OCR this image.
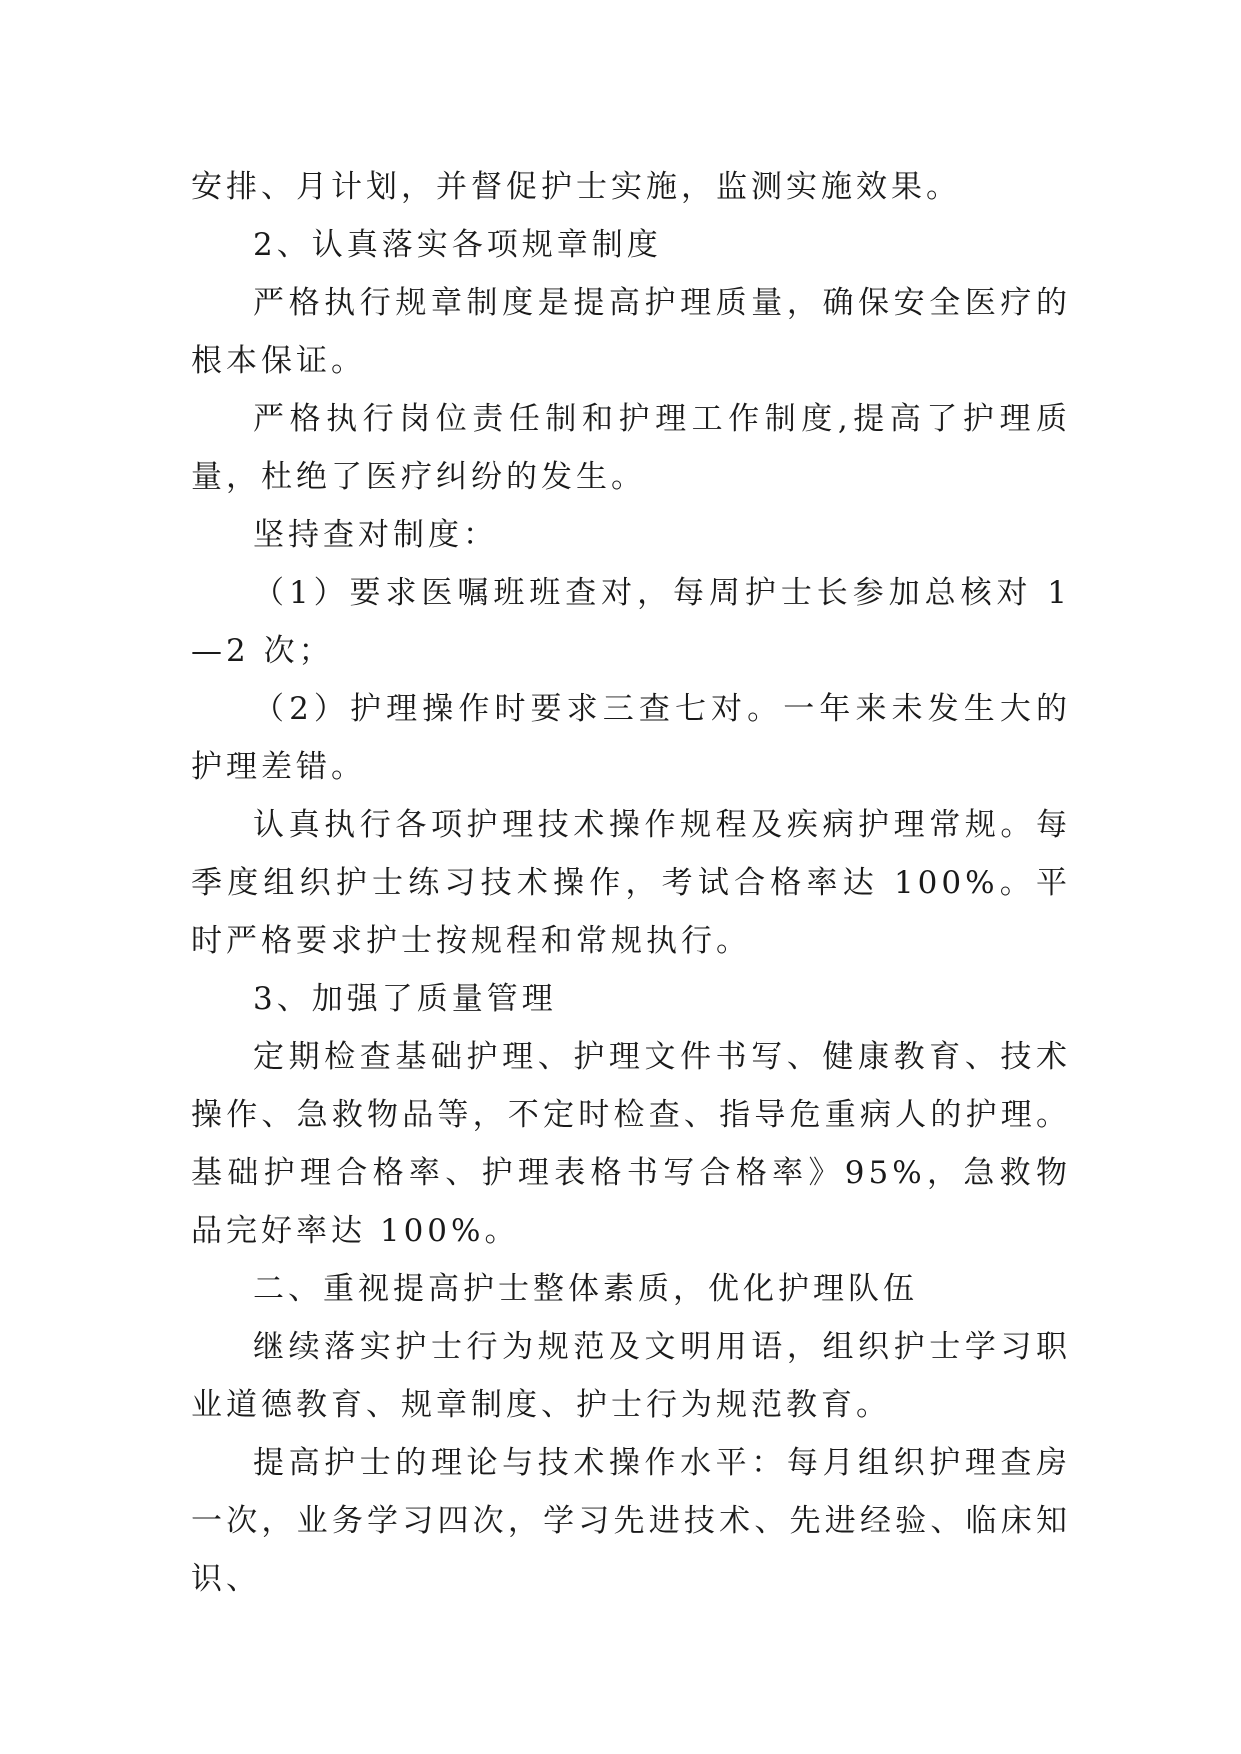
安排、月计划，并督促护士实施，监测实施效果。

2、认真落实各项规章制度

严格执行规章制度是提高护理质量，确保安全医疗的根本保证。

严格执行岗位责任制和护理工作制度,提高了护理质量，杜绝了医疗纠纷的发生。

坚持查对制度：

（1）要求医嘱班班查对，每周护士长参加总核对 1—2 次；

（2）护理操作时要求三查七对。一年来未发生大的护理差错。

认真执行各项护理技术操作规程及疾病护理常规。每季度组织护士练习技术操作，考试合格率达 100%。平时严格要求护士按规程和常规执行。

3、加强了质量管理

定期检查基础护理、护理文件书写、健康教育、技术操作、急救物品等，不定时检查、指导危重病人的护理。基础护理合格率、护理表格书写合格率》95%，急救物品完好率达 100%。

二、重视提高护士整体素质，优化护理队伍

继续落实护士行为规范及文明用语，组织护士学习职业道德教育、规章制度、护士行为规范教育。

提高护士的理论与技术操作水平：每月组织护理查房一次，业务学习四次，学习先进技术、先进经验、临床知识、
